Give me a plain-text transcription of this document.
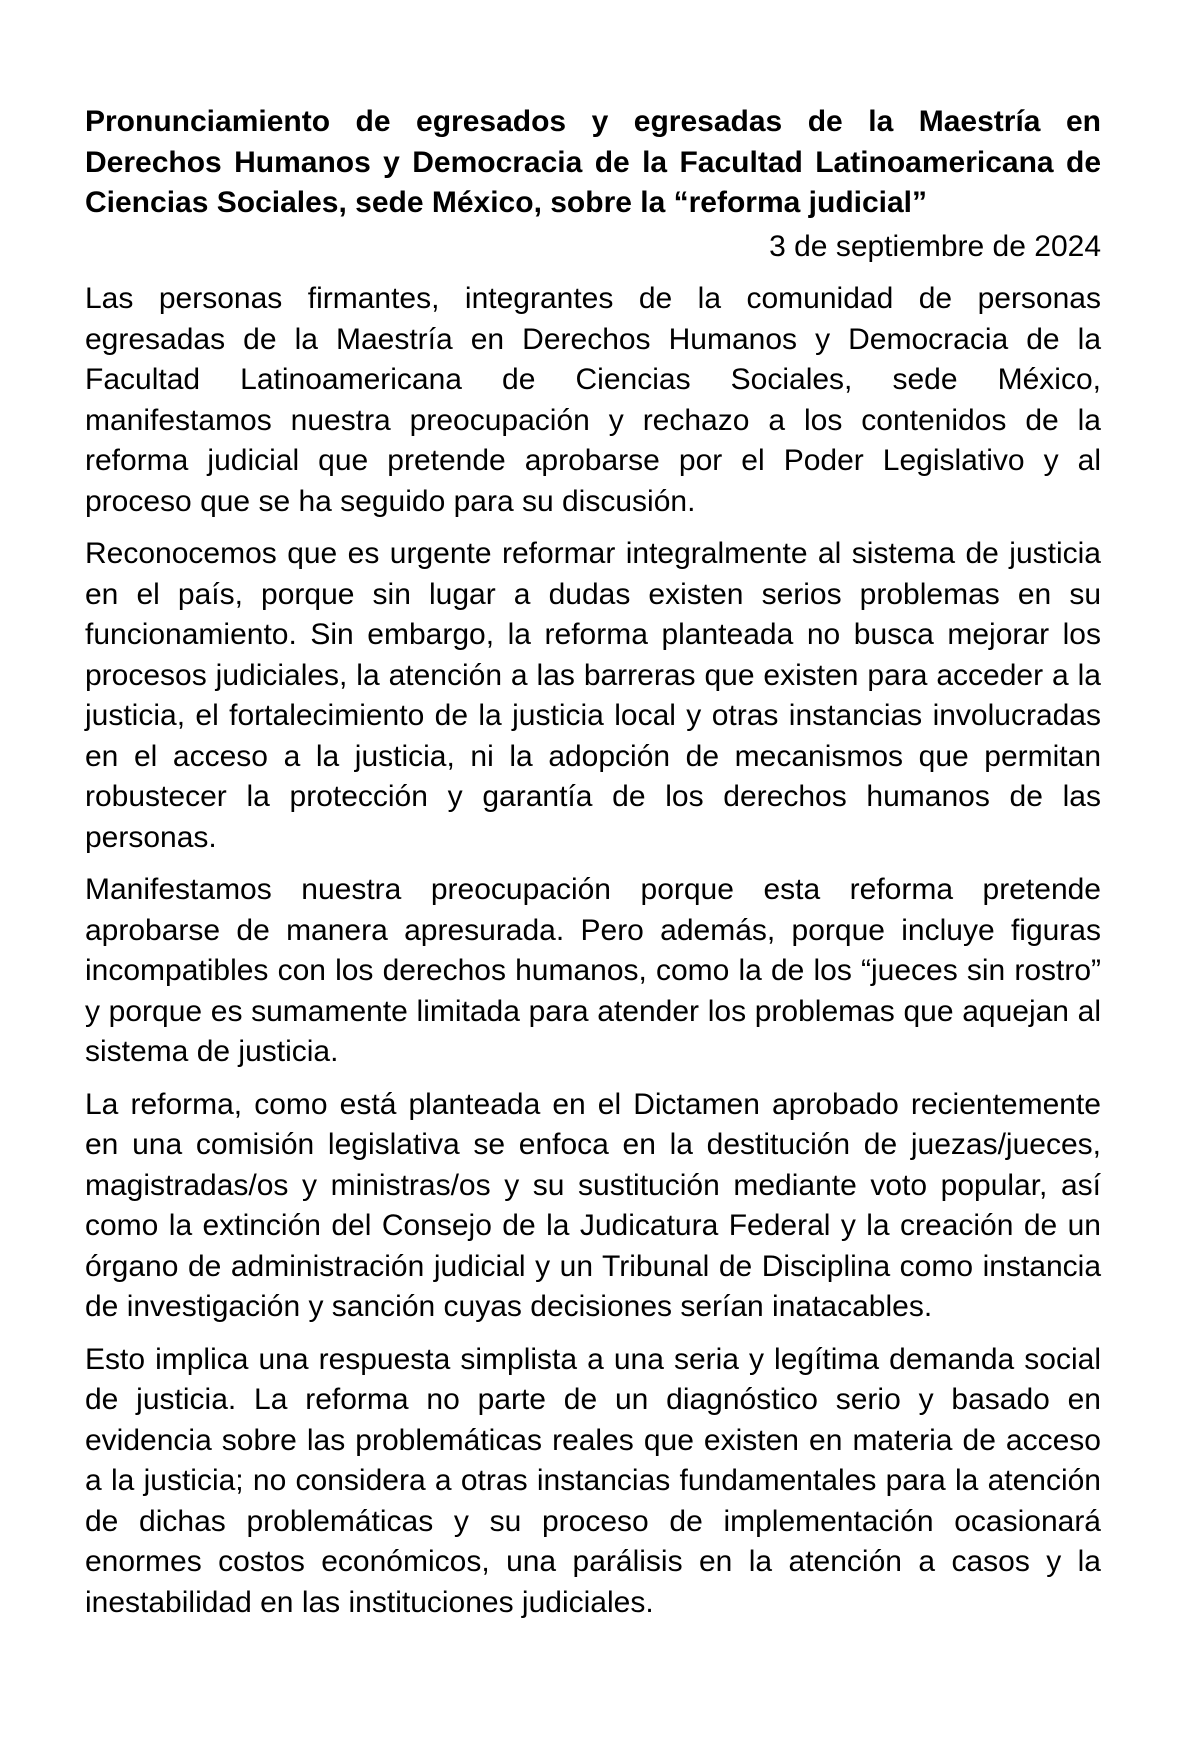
Pronunciamiento de egresados y egresadas de la Maestría en Derechos Humanos y Democracia de la Facultad Latinoamericana de Ciencias Sociales, sede México, sobre la “reforma judicial”

3 de septiembre de 2024

Las personas firmantes, integrantes de la comunidad de personas egresadas de la Maestría en Derechos Humanos y Democracia de la Facultad Latinoamericana de Ciencias Sociales, sede México, manifestamos nuestra preocupación y rechazo a los contenidos de la reforma judicial que pretende aprobarse por el Poder Legislativo y al proceso que se ha seguido para su discusión.

Reconocemos que es urgente reformar integralmente al sistema de justicia en el país, porque sin lugar a dudas existen serios problemas en su funcionamiento. Sin embargo, la reforma planteada no busca mejorar los procesos judiciales, la atención a las barreras que existen para acceder a la justicia, el fortalecimiento de la justicia local y otras instancias involucradas en el acceso a la justicia, ni la adopción de mecanismos que permitan robustecer la protección y garantía de los derechos humanos de las personas.

Manifestamos nuestra preocupación porque esta reforma pretende aprobarse de manera apresurada. Pero además, porque incluye figuras incompatibles con los derechos humanos, como la de los “jueces sin rostro” y porque es sumamente limitada para atender los problemas que aquejan al sistema de justicia.

La reforma, como está planteada en el Dictamen aprobado recientemente en una comisión legislativa se enfoca en la destitución de juezas/jueces, magistradas/os y ministras/os y su sustitución mediante voto popular, así como la extinción del Consejo de la Judicatura Federal y la creación de un órgano de administración judicial y un Tribunal de Disciplina como instancia de investigación y sanción cuyas decisiones serían inatacables.

Esto implica una respuesta simplista a una seria y legítima demanda social de justicia. La reforma no parte de un diagnóstico serio y basado en evidencia sobre las problemáticas reales que existen en materia de acceso a la justicia; no considera a otras instancias fundamentales para la atención de dichas problemáticas y su proceso de implementación ocasionará enormes costos económicos, una parálisis en la atención a casos y la inestabilidad en las instituciones judiciales.
